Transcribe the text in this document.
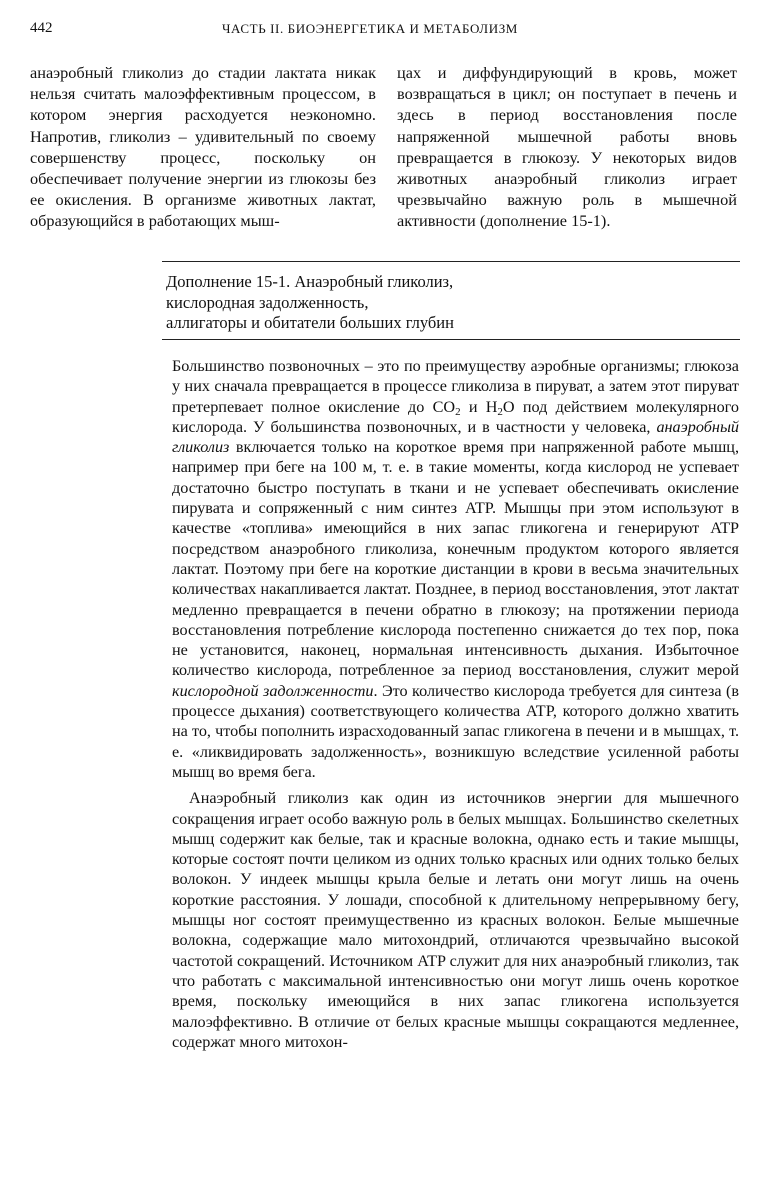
442	ЧАСТЬ II. БИОЭНЕРГЕТИКА И МЕТАБОЛИЗМ

анаэробный гликолиз до стадии лактата никак нельзя считать малоэффективным процессом, в котором энергия расходуется неэкономно. Напротив, гликолиз – удивительный по своему совершенству процесс, поскольку он обеспечивает получение энергии из глюкозы без ее окисления. В организме животных лактат, образующийся в работающих мыш-

цах и диффундирующий в кровь, может возвращаться в цикл; он поступает в печень и здесь в период восстановления после напряженной мышечной работы вновь превращается в глюкозу. У некоторых видов животных анаэробный гликолиз играет чрезвычайно важную роль в мышечной активности (дополнение 15-1).

Дополнение 15-1. Анаэробный гликолиз,
кислородная задолженность,
аллигаторы и обитатели больших глубин

Большинство позвоночных – это по преимуществу аэробные организмы; глюкоза у них сначала превращается в процессе гликолиза в пируват, а затем этот пируват претерпевает полное окисление до $CO_2$ и $H_2O$ под действием молекулярного кислорода. У большинства позвоночных, и в частности у человека, анаэробный гликолиз включается только на короткое время при напряженной работе мышц, например при беге на 100 м, т. е. в такие моменты, когда кислород не успевает достаточно быстро поступать в ткани и не успевает обеспечивать окисление пирувата и сопряженный с ним синтез ATP. Мышцы при этом используют в качестве «топлива» имеющийся в них запас гликогена и генерируют ATP посредством анаэробного гликолиза, конечным продуктом которого является лактат. Поэтому при беге на короткие дистанции в крови в весьма значительных количествах накапливается лактат. Позднее, в период восстановления, этот лактат медленно превращается в печени обратно в глюкозу; на протяжении периода восстановления потребление кислорода постепенно снижается до тех пор, пока не установится, наконец, нормальная интенсивность дыхания. Избыточное количество кислорода, потребленное за период восстановления, служит мерой кислородной задолженности. Это количество кислорода требуется для синтеза (в процессе дыхания) соответствующего количества ATP, которого должно хватить на то, чтобы пополнить израсходованный запас гликогена в печени и в мышцах, т. е. «ликвидировать задолженность», возникшую вследствие усиленной работы мышц во время бега.

Анаэробный гликолиз как один из источников энергии для мышечного сокращения играет особо важную роль в белых мышцах. Большинство скелетных мышц содержит как белые, так и красные волокна, однако есть и такие мышцы, которые состоят почти целиком из одних только красных или одних только белых волокон. У индеек мышцы крыла белые и летать они могут лишь на очень короткие расстояния. У лошади, способной к длительному непрерывному бегу, мышцы ног состоят преимущественно из красных волокон. Белые мышечные волокна, содержащие мало митохондрий, отличаются чрезвычайно высокой частотой сокращений. Источником ATP служит для них анаэробный гликолиз, так что работать с максимальной интенсивностью они могут лишь очень короткое время, поскольку имеющийся в них запас гликогена используется малоэффективно. В отличие от белых красные мышцы сокращаются медленнее, содержат много митохон-
